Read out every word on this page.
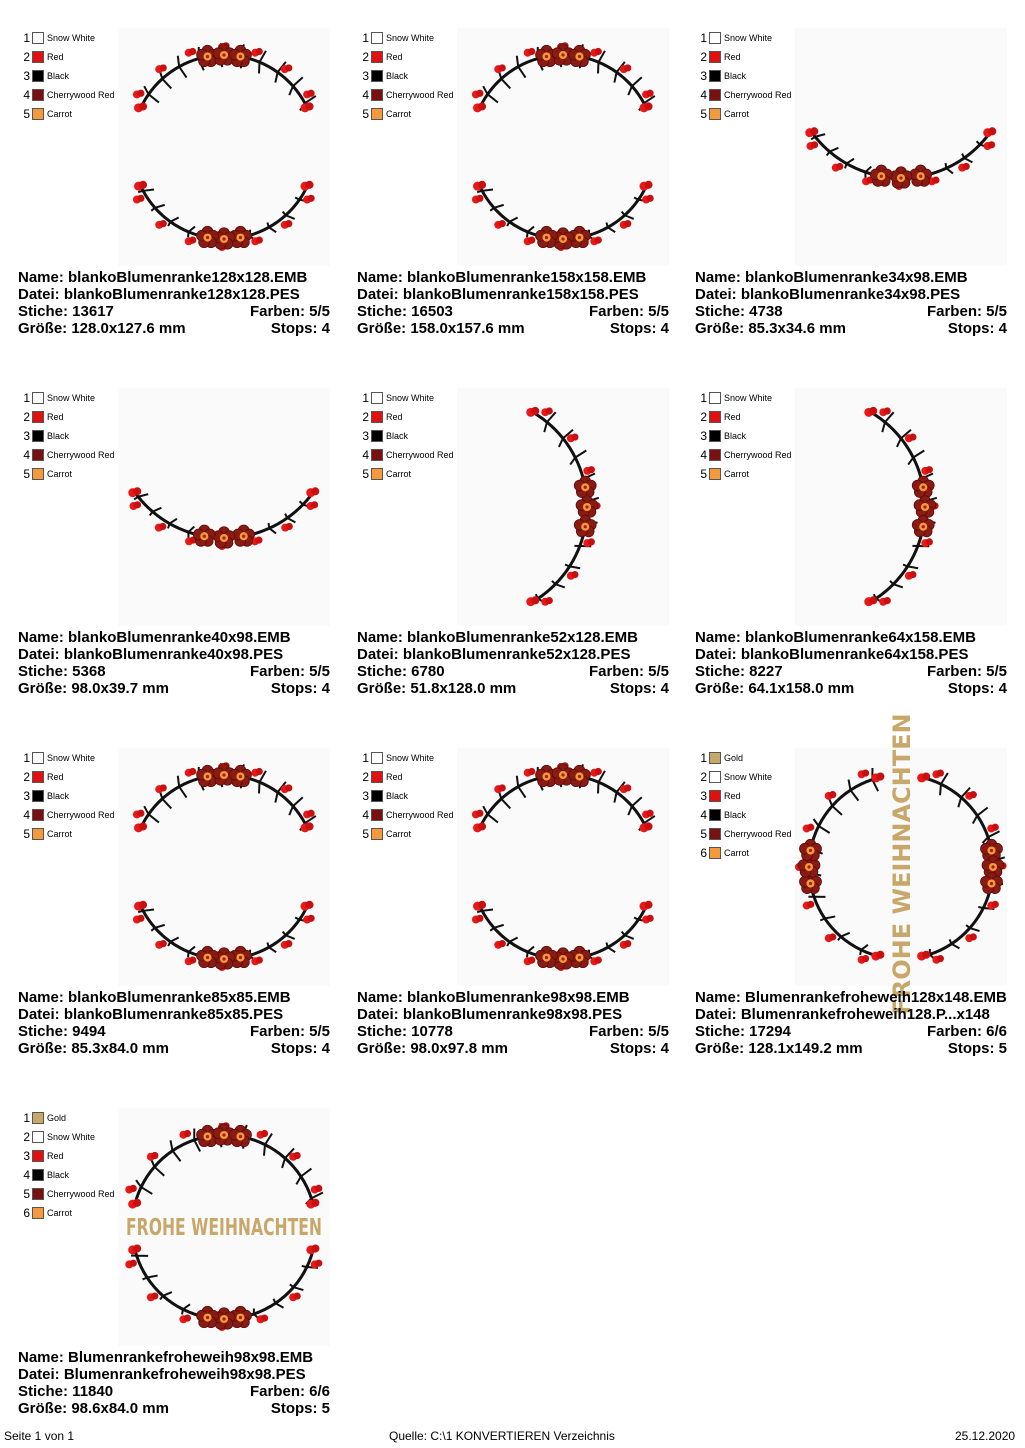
1 Snow White
2 Red
3 Black
4 Cherrywood Red
5 Carrot
Name: blankoBlumenranke128x128.EMB
Datei: blankoBlumenranke128x128.PES
Stiche: 13617	Farben: 5/5
Größe: 128.0x127.6 mm	Stops: 4
1 Snow White
2 Red
3 Black
4 Cherrywood Red
5 Carrot
Name: blankoBlumenranke158x158.EMB
Datei: blankoBlumenranke158x158.PES
Stiche: 16503	Farben: 5/5
Größe: 158.0x157.6 mm	Stops: 4
1 Snow White
2 Red
3 Black
4 Cherrywood Red
5 Carrot
Name: blankoBlumenranke34x98.EMB
Datei: blankoBlumenranke34x98.PES
Stiche: 4738	Farben: 5/5
Größe: 85.3x34.6 mm	Stops: 4
1 Snow White
2 Red
3 Black
4 Cherrywood Red
5 Carrot
Name: blankoBlumenranke40x98.EMB
Datei: blankoBlumenranke40x98.PES
Stiche: 5368	Farben: 5/5
Größe: 98.0x39.7 mm	Stops: 4
1 Snow White
2 Red
3 Black
4 Cherrywood Red
5 Carrot
Name: blankoBlumenranke52x128.EMB
Datei: blankoBlumenranke52x128.PES
Stiche: 6780	Farben: 5/5
Größe: 51.8x128.0 mm	Stops: 4
1 Snow White
2 Red
3 Black
4 Cherrywood Red
5 Carrot
Name: blankoBlumenranke64x158.EMB
Datei: blankoBlumenranke64x158.PES
Stiche: 8227	Farben: 5/5
Größe: 64.1x158.0 mm	Stops: 4
1 Snow White
2 Red
3 Black
4 Cherrywood Red
5 Carrot
Name: blankoBlumenranke85x85.EMB
Datei: blankoBlumenranke85x85.PES
Stiche: 9494	Farben: 5/5
Größe: 85.3x84.0 mm	Stops: 4
1 Snow White
2 Red
3 Black
4 Cherrywood Red
5 Carrot
Name: blankoBlumenranke98x98.EMB
Datei: blankoBlumenranke98x98.PES
Stiche: 10778	Farben: 5/5
Größe: 98.0x97.8 mm	Stops: 4
FROHE WEIHNACHTEN
1 Gold
2 Snow White
3 Red
4 Black
5 Cherrywood Red
6 Carrot
Name: Blumenrankefroheweih128x148.EMB
Datei: Blumenrankefroheweih128.P...x148
Stiche: 17294	Farben: 6/6
Größe: 128.1x149.2 mm	Stops: 5
FROHE WEIHNACHTEN
1 Gold
2 Snow White
3 Red
4 Black
5 Cherrywood Red
6 Carrot
Name: Blumenrankefroheweih98x98.EMB
Datei: Blumenrankefroheweih98x98.PES
Stiche: 11840	Farben: 6/6
Größe: 98.6x84.0 mm	Stops: 5
Seite 1 von 1	Quelle: C:\1 KONVERTIEREN Verzeichnis	25.12.2020
